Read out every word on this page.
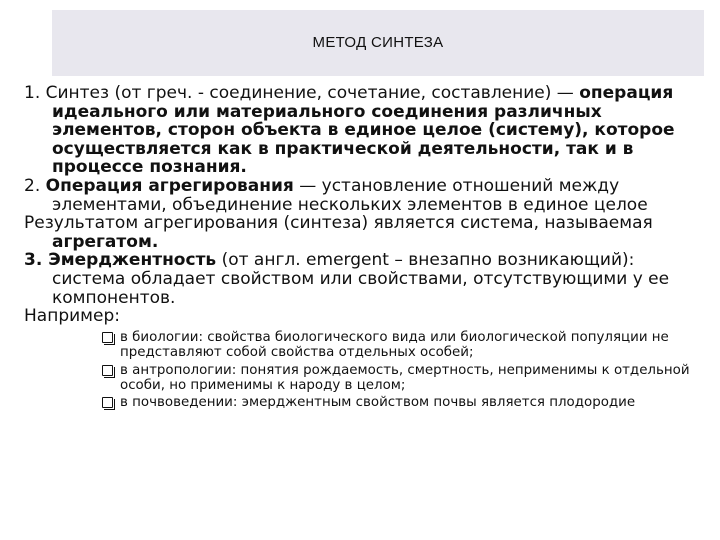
МЕТОД СИНТЕЗА

1. Синтез (от греч. - соединение, сочетание, составление) — операция идеального или материального соединения различных элементов, сторон объекта в единое целое (систему), которое осуществляется как в практической деятельности, так и в процессе познания.

2. Операция агрегирования — установление отношений между элементами, объединение нескольких элементов в единое целое

Результатом агрегирования (синтеза) является система, называемая агрегатом.

3. Эмерджентность (от англ. emergent – внезапно возникающий): система обладает свойством или свойствами, отсутствующими у ее компонентов.

Например:

в биологии: свойства биологического вида или биологической популяции не представляют собой свойства отдельных особей;
в антропологии: понятия рождаемость, смертность, неприменимы к отдельной особи, но применимы к народу в целом;
в почвоведении: эмерджентным свойством почвы является плодородие
